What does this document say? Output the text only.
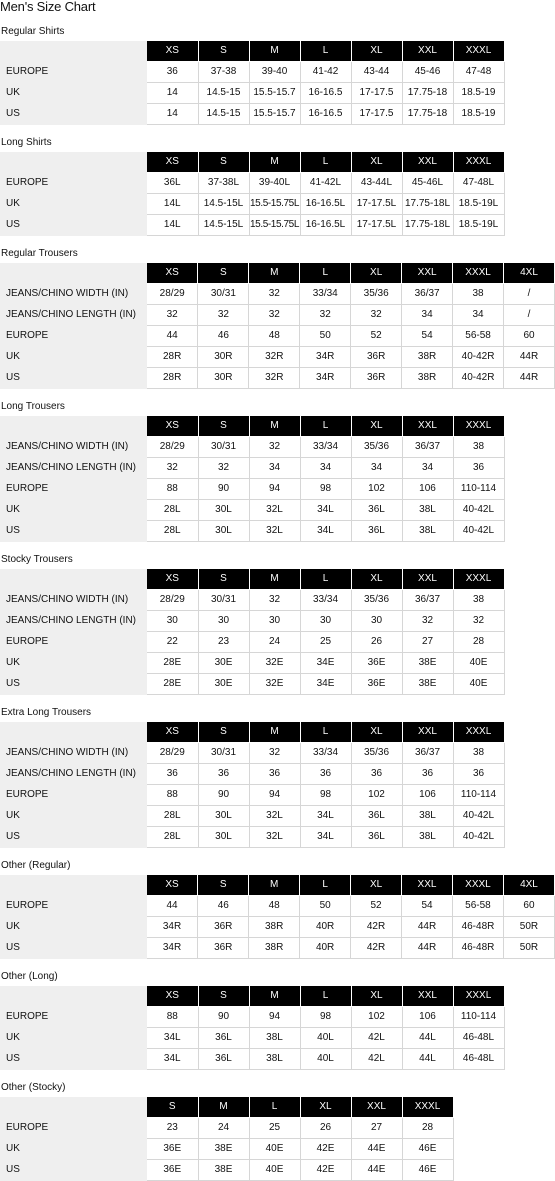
Men's Size Chart
Regular Shirts
	XS	S	M	L	XL	XXL	XXXL
EUROPE	36	37-38	39-40	41-42	43-44	45-46	47-48
UK	14	14.5-15	15.5-15.7	16-16.5	17-17.5	17.75-18	18.5-19
US	14	14.5-15	15.5-15.7	16-16.5	17-17.5	17.75-18	18.5-19
Long Shirts
	XS	S	M	L	XL	XXL	XXXL
EUROPE	36L	37-38L	39-40L	41-42L	43-44L	45-46L	47-48L
UK	14L	14.5-15L	15.5-15.75L	16-16.5L	17-17.5L	17.75-18L	18.5-19L
US	14L	14.5-15L	15.5-15.75L	16-16.5L	17-17.5L	17.75-18L	18.5-19L
Regular Trousers
	XS	S	M	L	XL	XXL	XXXL	4XL
JEANS/CHINO WIDTH (IN)	28/29	30/31	32	33/34	35/36	36/37	38	/
JEANS/CHINO LENGTH (IN)	32	32	32	32	32	34	34	/
EUROPE	44	46	48	50	52	54	56-58	60
UK	28R	30R	32R	34R	36R	38R	40-42R	44R
US	28R	30R	32R	34R	36R	38R	40-42R	44R
Long Trousers
	XS	S	M	L	XL	XXL	XXXL
JEANS/CHINO WIDTH (IN)	28/29	30/31	32	33/34	35/36	36/37	38
JEANS/CHINO LENGTH (IN)	32	32	34	34	34	34	36
EUROPE	88	90	94	98	102	106	110-114
UK	28L	30L	32L	34L	36L	38L	40-42L
US	28L	30L	32L	34L	36L	38L	40-42L
Stocky Trousers
	XS	S	M	L	XL	XXL	XXXL
JEANS/CHINO WIDTH (IN)	28/29	30/31	32	33/34	35/36	36/37	38
JEANS/CHINO LENGTH (IN)	30	30	30	30	30	32	32
EUROPE	22	23	24	25	26	27	28
UK	28E	30E	32E	34E	36E	38E	40E
US	28E	30E	32E	34E	36E	38E	40E
Extra Long Trousers
	XS	S	M	L	XL	XXL	XXXL
JEANS/CHINO WIDTH (IN)	28/29	30/31	32	33/34	35/36	36/37	38
JEANS/CHINO LENGTH (IN)	36	36	36	36	36	36	36
EUROPE	88	90	94	98	102	106	110-114
UK	28L	30L	32L	34L	36L	38L	40-42L
US	28L	30L	32L	34L	36L	38L	40-42L
Other (Regular)
	XS	S	M	L	XL	XXL	XXXL	4XL
EUROPE	44	46	48	50	52	54	56-58	60
UK	34R	36R	38R	40R	42R	44R	46-48R	50R
US	34R	36R	38R	40R	42R	44R	46-48R	50R
Other (Long)
	XS	S	M	L	XL	XXL	XXXL
EUROPE	88	90	94	98	102	106	110-114
UK	34L	36L	38L	40L	42L	44L	46-48L
US	34L	36L	38L	40L	42L	44L	46-48L
Other (Stocky)
	S	M	L	XL	XXL	XXXL
EUROPE	23	24	25	26	27	28
UK	36E	38E	40E	42E	44E	46E
US	36E	38E	40E	42E	44E	46E
